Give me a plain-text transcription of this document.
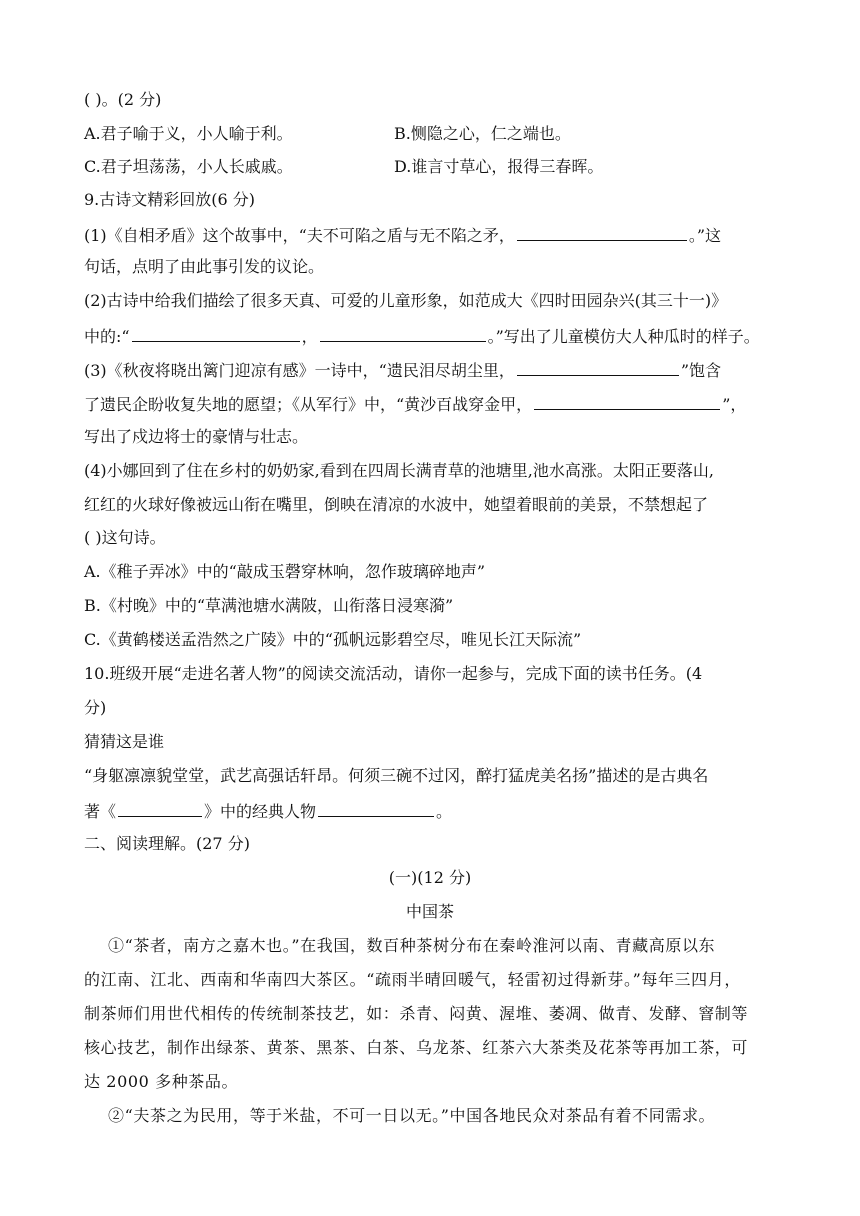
( )。(2 分)
A.君子喻于义，小人喻于利。	B.恻隐之心，仁之端也。
C.君子坦荡荡，小人长戚戚。	D.谁言寸草心，报得三春晖。
9.古诗文精彩回放(6 分)
(1)《自相矛盾》这个故事中，“夫不可陷之盾与无不陷之矛，	。”这
句话，点明了由此事引发的议论。
(2)古诗中给我们描绘了很多天真、可爱的儿童形象，如范成大《四时田园杂兴(其三十一)》
中的:“	，	。”写出了儿童模仿大人种瓜时的样子。
(3)《秋夜将晓出篱门迎凉有感》一诗中，“遗民泪尽胡尘里，	”饱含
了遗民企盼收复失地的愿望；《从军行》中，“黄沙百战穿金甲，	”，
写出了戍边将士的豪情与壮志。
(4)小娜回到了住在乡村的奶奶家,看到在四周长满青草的池塘里,池水高涨。太阳正要落山,
红红的火球好像被远山衔在嘴里，倒映在清凉的水波中，她望着眼前的美景，不禁想起了
( )这句诗。
A.《稚子弄冰》中的“敲成玉磬穿林响，忽作玻璃碎地声”
B.《村晚》中的“草满池塘水满陂，山衔落日浸寒漪”
C.《黄鹤楼送孟浩然之广陵》中的“孤帆远影碧空尽，唯见长江天际流”
10.班级开展“走进名著人物”的阅读交流活动，请你一起参与，完成下面的读书任务。(4
分)
猜猜这是谁
“身躯凛凛貌堂堂，武艺高强话轩昂。何须三碗不过冈，醉打猛虎美名扬”描述的是古典名
著《	》中的经典人物	。
二、阅读理解。(27 分)
(一)(12 分)
中国茶
①“茶者，南方之嘉木也。”在我国，数百种茶树分布在秦岭淮河以南、青藏高原以东
的江南、江北、西南和华南四大茶区。“疏雨半晴回暖气，轻雷初过得新芽。”每年三四月，
制茶师们用世代相传的传统制茶技艺，如：杀青、闷黄、渥堆、萎凋、做青、发酵、窨制等
核心技艺，制作出绿茶、黄茶、黑茶、白茶、乌龙茶、红茶六大茶类及花茶等再加工茶，可
达 2000 多种茶品。
②“夫茶之为民用，等于米盐，不可一日以无。”中国各地民众对茶品有着不同需求。
